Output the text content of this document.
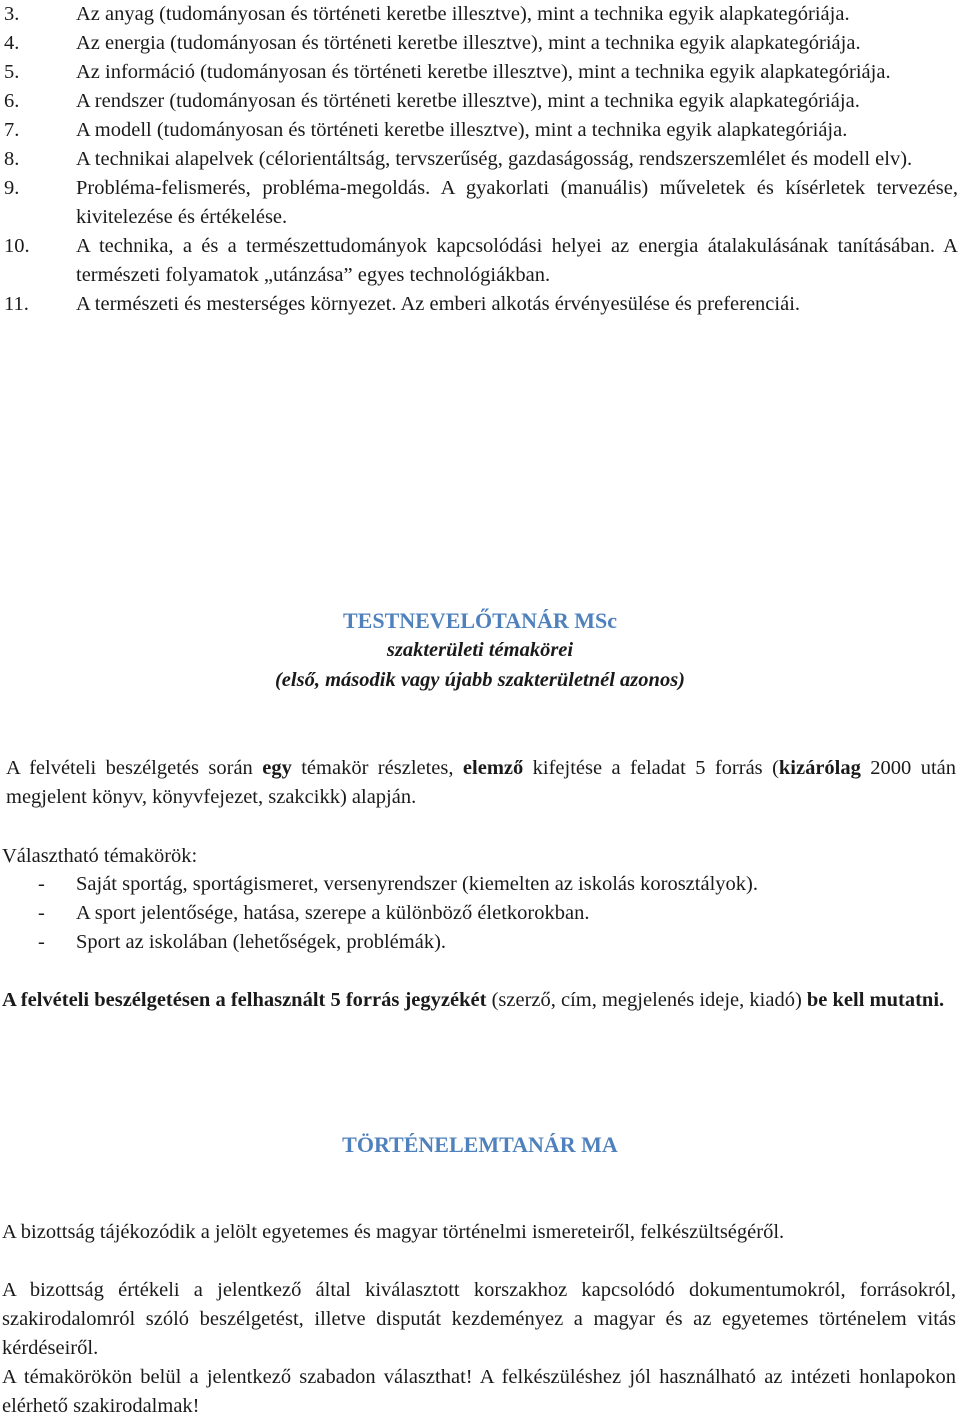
3.	Az anyag (tudományosan és történeti keretbe illesztve), mint a technika egyik alapkategóriája.
4.	Az energia (tudományosan és történeti keretbe illesztve), mint a technika egyik alapkategóriája.
5.	Az információ (tudományosan és történeti keretbe illesztve), mint a technika egyik alapkategóriája.
6.	A rendszer (tudományosan és történeti keretbe illesztve), mint a technika egyik alapkategóriája.
7.	A modell (tudományosan és történeti keretbe illesztve), mint a technika egyik alapkategóriája.
8.	A technikai alapelvek (célorientáltság, tervszerűség, gazdaságosság, rendszerszemlélet és modell elv).
9.	Probléma-felismerés, probléma-megoldás. A gyakorlati (manuális) műveletek és kísérletek tervezése, kivitelezése és értékelése.
10.	A technika, a és a természettudományok kapcsolódási helyei az energia átalakulásának tanításában. A természeti folyamatok „utánzása” egyes technológiákban.
11.	A természeti és mesterséges környezet. Az emberi alkotás érvényesülése és preferenciái.
TESTNEVELŐTANÁR MSc
szakterületi témakörei
(első, második vagy újabb szakterületnél azonos)
A felvételi beszélgetés során egy témakör részletes, elemző kifejtése a feladat 5 forrás (kizárólag 2000 után megjelent könyv, könyvfejezet, szakcikk) alapján.
Választható témakörök:
-	Saját sportág, sportágismeret, versenyrendszer (kiemelten az iskolás korosztályok).
-	A sport jelentősége, hatása, szerepe a különböző életkorokban.
-	Sport az iskolában (lehetőségek, problémák).
A felvételi beszélgetésen a felhasznált 5 forrás jegyzékét (szerző, cím, megjelenés ideje, kiadó) be kell mutatni.
TÖRTÉNELEMTANÁR MA
A bizottság tájékozódik a jelölt egyetemes és magyar történelmi ismereteiről, felkészültségéről.
A bizottság értékeli a jelentkező által kiválasztott korszakhoz kapcsolódó dokumentumokról, forrásokról, szakirodalomról szóló beszélgetést, illetve disputát kezdeményez a magyar és az egyetemes történelem vitás kérdéseiről.
A témakörökön belül a jelentkező szabadon választhat! A felkészüléshez jól használható az intézeti honlapokon elérhető szakirodalmak!
